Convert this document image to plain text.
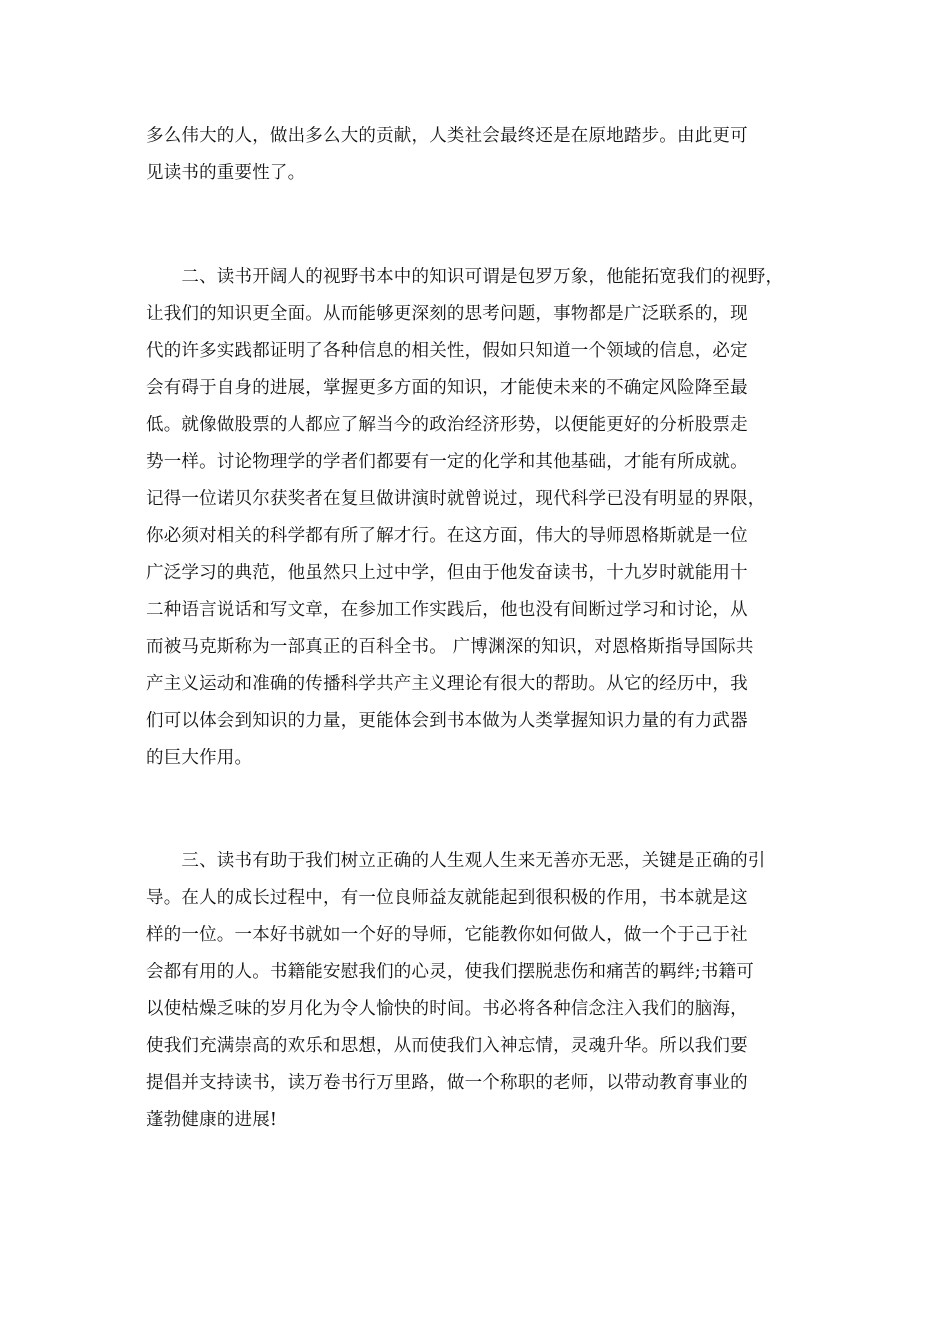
多么伟大的人，做出多么大的贡献，人类社会最终还是在原地踏步。由此更可

见读书的重要性了。

　　二、读书开阔人的视野书本中的知识可谓是包罗万象，他能拓宽我们的视野，

让我们的知识更全面。从而能够更深刻的思考问题，事物都是广泛联系的，现

代的许多实践都证明了各种信息的相关性，假如只知道一个领域的信息，必定

会有碍于自身的进展，掌握更多方面的知识，才能使未来的不确定风险降至最

低。就像做股票的人都应了解当今的政治经济形势，以便能更好的分析股票走

势一样。讨论物理学的学者们都要有一定的化学和其他基础，才能有所成就。

记得一位诺贝尔获奖者在复旦做讲演时就曾说过，现代科学已没有明显的界限，

你必须对相关的科学都有所了解才行。在这方面，伟大的导师恩格斯就是一位

广泛学习的典范，他虽然只上过中学，但由于他发奋读书，十九岁时就能用十

二种语言说话和写文章，在参加工作实践后，他也没有间断过学习和讨论，从

而被马克斯称为一部真正的百科全书。 广博渊深的知识，对恩格斯指导国际共

产主义运动和准确的传播科学共产主义理论有很大的帮助。从它的经历中，我

们可以体会到知识的力量，更能体会到书本做为人类掌握知识力量的有力武器

的巨大作用。

　　三、读书有助于我们树立正确的人生观人生来无善亦无恶，关键是正确的引

导。在人的成长过程中，有一位良师益友就能起到很积极的作用，书本就是这

样的一位。一本好书就如一个好的导师，它能教你如何做人，做一个于己于社

会都有用的人。书籍能安慰我们的心灵，使我们摆脱悲伤和痛苦的羁绊;书籍可

以使枯燥乏味的岁月化为令人愉快的时间。书必将各种信念注入我们的脑海，

使我们充满崇高的欢乐和思想，从而使我们入神忘情，灵魂升华。所以我们要

提倡并支持读书，读万卷书行万里路，做一个称职的老师，以带动教育事业的

蓬勃健康的进展!
